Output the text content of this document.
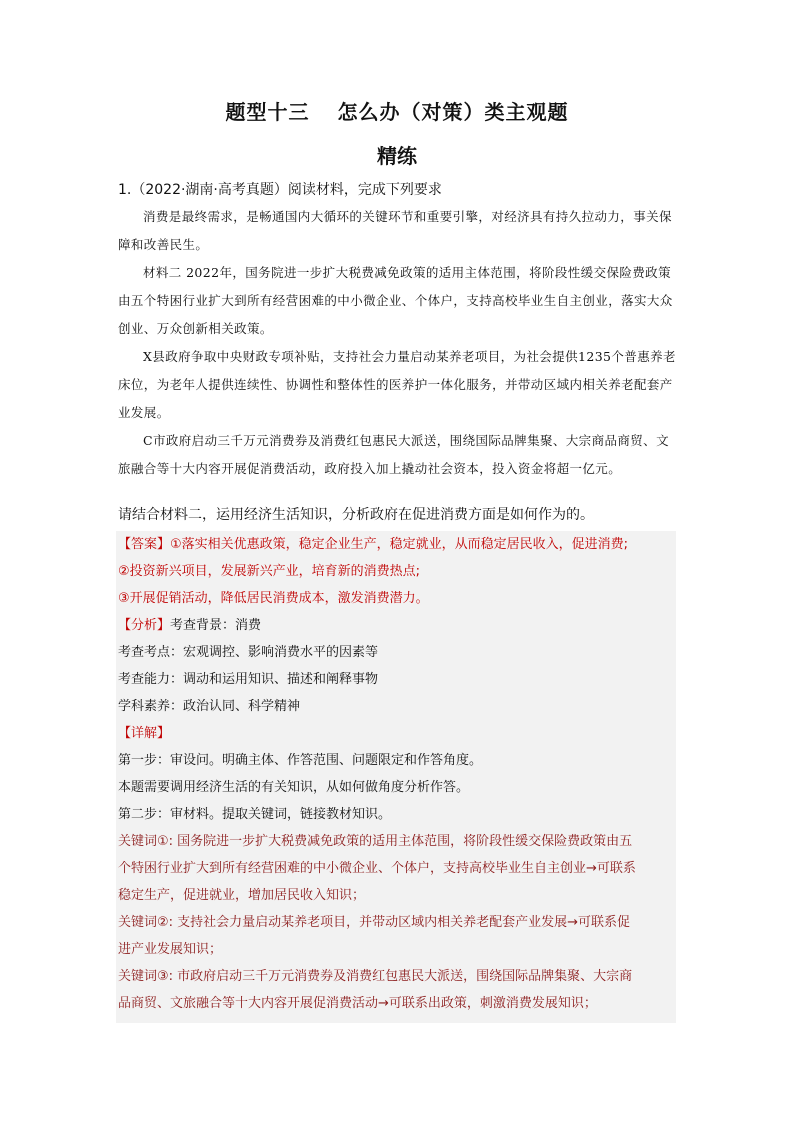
题型十三 怎么办（对策）类主观题
精练
1.（2022·湖南·高考真题）阅读材料，完成下列要求

消费是最终需求，是畅通国内大循环的关键环节和重要引擎，对经济具有持久拉动力，事关保障和改善民生。

材料二 2022年，国务院进一步扩大税费减免政策的适用主体范围，将阶段性缓交保险费政策由五个特困行业扩大到所有经营困难的中小微企业、个体户，支持高校毕业生自主创业，落实大众创业、万众创新相关政策。

X县政府争取中央财政专项补贴，支持社会力量启动某养老项目，为社会提供1235个普惠养老床位，为老年人提供连续性、协调性和整体性的医养护一体化服务，并带动区域内相关养老配套产业发展。

C市政府启动三千万元消费券及消费红包惠民大派送，围绕国际品牌集聚、大宗商品商贸、文旅融合等十大内容开展促消费活动，政府投入加上撬动社会资本，投入资金将超一亿元。

请结合材料二，运用经济生活知识，分析政府在促进消费方面是如何作为的。
【答案】①落实相关优惠政策，稳定企业生产，稳定就业，从而稳定居民收入，促进消费;
②投资新兴项目，发展新兴产业，培育新的消费热点;
③开展促销活动，降低居民消费成本，激发消费潜力。
【分析】考查背景：消费
考查考点：宏观调控、影响消费水平的因素等
考查能力：调动和运用知识、描述和阐释事物
学科素养：政治认同、科学精神
【详解】
第一步：审设问。明确主体、作答范围、问题限定和作答角度。
本题需要调用经济生活的有关知识，从如何做角度分析作答。
第二步：审材料。提取关键词，链接教材知识。
关键词①: 国务院进一步扩大税费减免政策的适用主体范围，将阶段性缓交保险费政策由五
个特困行业扩大到所有经营困难的中小微企业、个体户，支持高校毕业生自主创业→可联系
稳定生产，促进就业，增加居民收入知识；
关键词②: 支持社会力量启动某养老项目，并带动区域内相关养老配套产业发展→可联系促
进产业发展知识；
关键词③: 市政府启动三千万元消费券及消费红包惠民大派送，围绕国际品牌集聚、大宗商
品商贸、文旅融合等十大内容开展促消费活动→可联系出政策，刺激消费发展知识；
